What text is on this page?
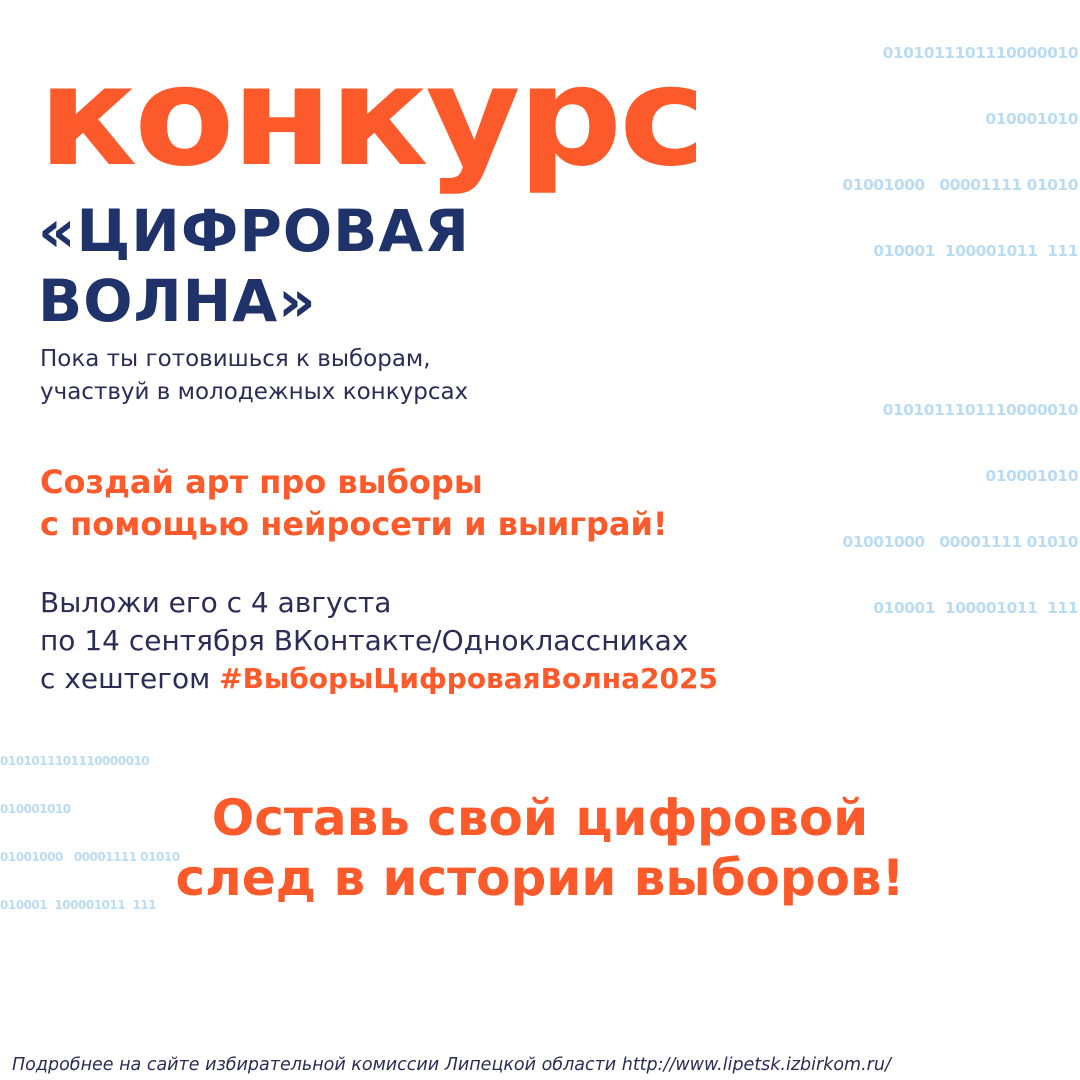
0101011101110000010

010001010

01001000   00001111 01010

010001  100001011  111

0101011101110000010

010001010

01001000   00001111 01010

010001  100001011  111

0101011101110000010

010001010

01001000   00001111 01010

010001  100001011  111

конкурс
«ЦИФРОВАЯ
ВОЛНА»
Пока ты готовишься к выборам,
участвуй в молодежных конкурсах
Создай арт про выборы
с помощью нейросети и выиграй!
Выложи его с 4 августа
по 14 сентября ВКонтакте/Одноклассниках
с хештегом #ВыборыЦифроваяВолна2025
Оставь свой цифровой
след в истории выборов!
Подробнее на сайте избирательной комиссии Липецкой области http://www.lipetsk.izbirkom.ru/
